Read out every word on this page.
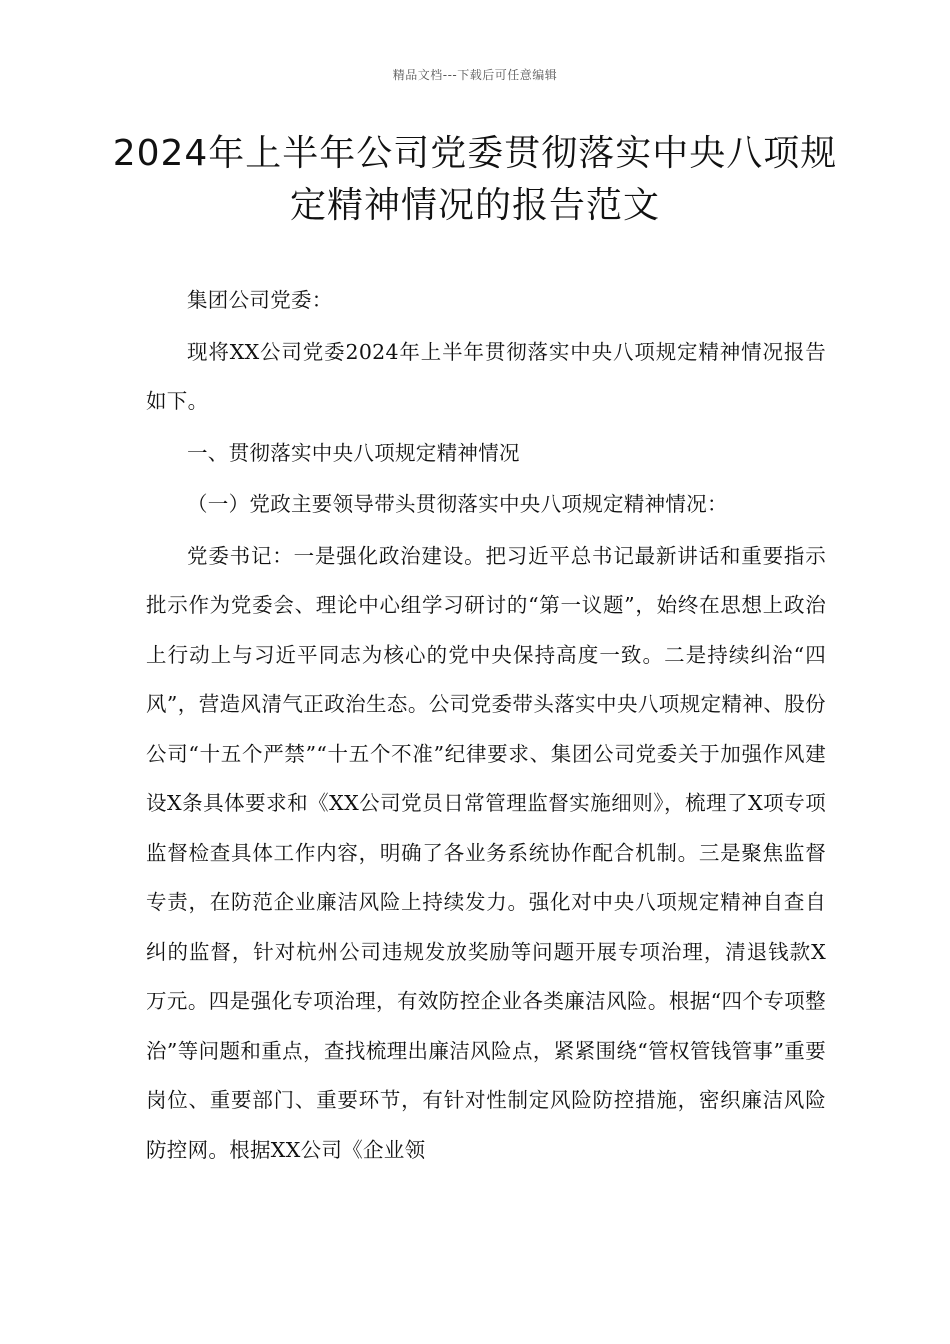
精品文档---下载后可任意编辑
2024年上半年公司党委贯彻落实中央八项规定精神情况的报告范文

集团公司党委：

现将XX公司党委2024年上半年贯彻落实中央八项规定精神情况报告如下。

一、贯彻落实中央八项规定精神情况

（一）党政主要领导带头贯彻落实中央八项规定精神情况：

党委书记：一是强化政治建设。把习近平总书记最新讲话和重要指示批示作为党委会、理论中心组学习研讨的“第一议题”，始终在思想上政治上行动上与习近平同志为核心的党中央保持高度一致。二是持续纠治“四风”，营造风清气正政治生态。公司党委带头落实中央八项规定精神、股份公司“十五个严禁”“十五个不准”纪律要求、集团公司党委关于加强作风建设X条具体要求和《XX公司党员日常管理监督实施细则》，梳理了X项专项监督检查具体工作内容，明确了各业务系统协作配合机制。三是聚焦监督专责，在防范企业廉洁风险上持续发力。强化对中央八项规定精神自查自纠的监督，针对杭州公司违规发放奖励等问题开展专项治理，清退钱款X万元。四是强化专项治理，有效防控企业各类廉洁风险。根据“四个专项整治”等问题和重点，查找梳理出廉洁风险点，紧紧围绕“管权管钱管事”重要岗位、重要部门、重要环节，有针对性制定风险防控措施，密织廉洁风险防控网。根据XX公司《企业领
